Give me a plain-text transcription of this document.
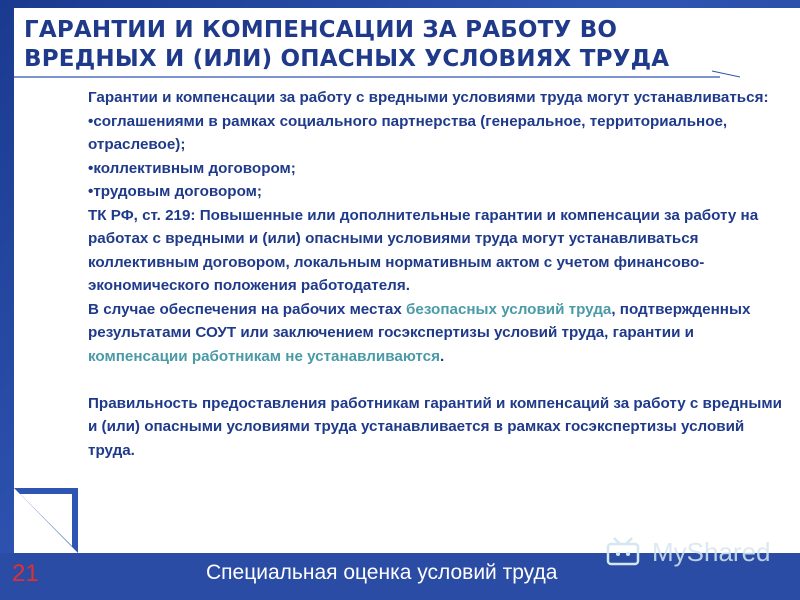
ГАРАНТИИ И КОМПЕНСАЦИИ ЗА РАБОТУ ВО
ВРЕДНЫХ И (ИЛИ) ОПАСНЫХ УСЛОВИЯХ ТРУДА

Гарантии и компенсации за работу с вредными условиями труда могут устанавливаться:

•соглашениями в рамках социального партнерства (генеральное, территориальное, отраслевое);

•коллективным договором;

•трудовым договором;

ТК РФ, ст. 219: Повышенные или дополнительные гарантии и компенсации за работу на работах с вредными и (или) опасными условиями труда могут устанавливаться коллективным договором, локальным нормативным актом с учетом финансово-экономического положения работодателя.

В случае обеспечения на рабочих местах безопасных условий труда, подтвержденных результатами СОУТ или заключением госэкспертизы условий труда, гарантии и компенсации работникам не устанавливаются.

Правильность предоставления работникам гарантий и компенсаций за работу с вредными и (или) опасными условиями труда устанавливается в рамках госэкспертизы условий труда.

MyShared
21	Специальная оценка условий труда
